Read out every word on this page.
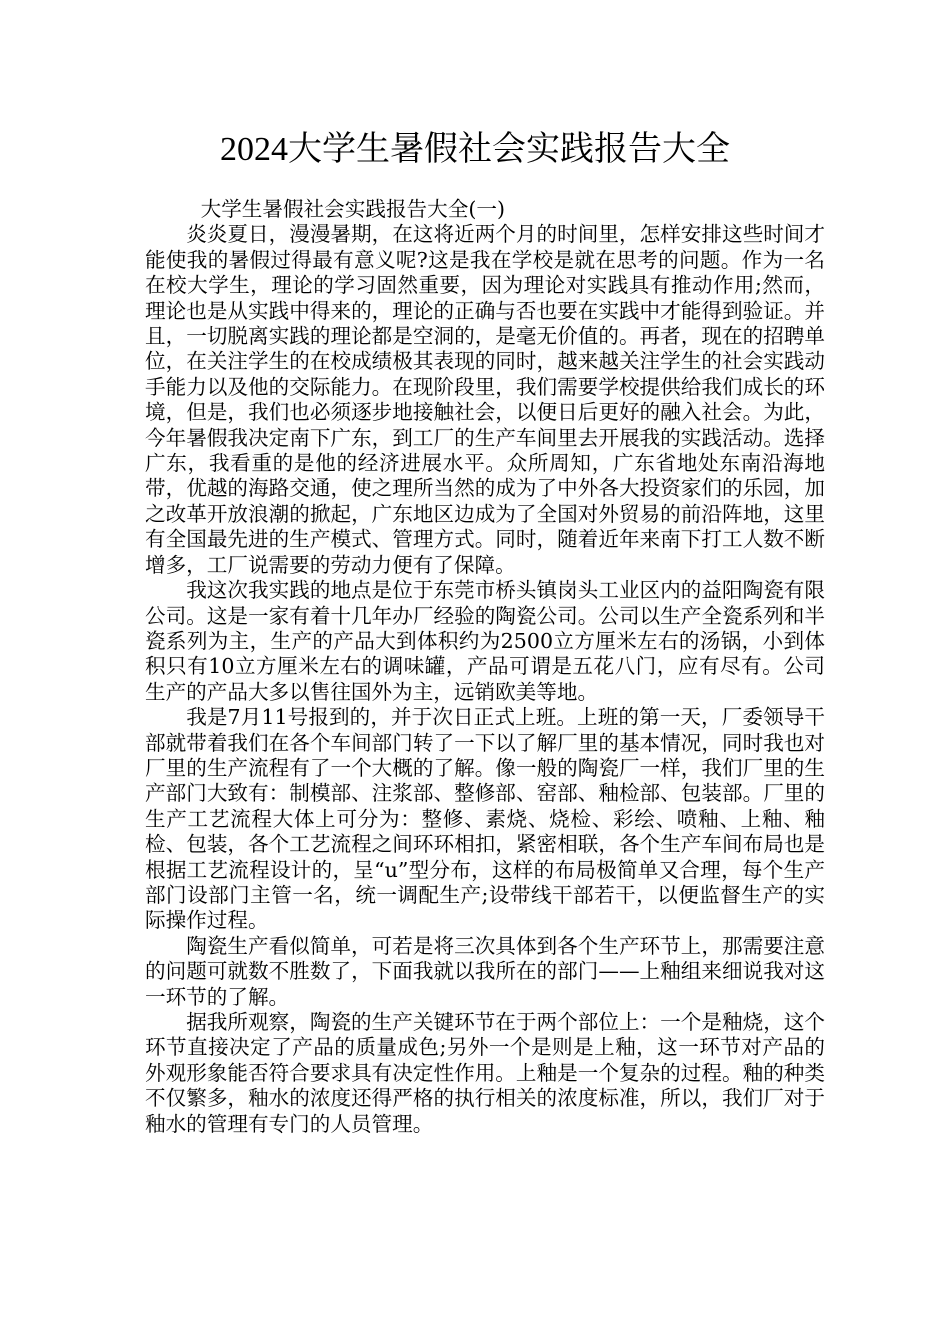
2024大学生暑假社会实践报告大全

大学生暑假社会实践报告大全(一)

炎炎夏日，漫漫暑期，在这将近两个月的时间里，怎样安排这些时间才能使我的暑假过得最有意义呢?这是我在学校是就在思考的问题。作为一名在校大学生，理论的学习固然重要，因为理论对实践具有推动作用;然而，理论也是从实践中得来的，理论的正确与否也要在实践中才能得到验证。并且，一切脱离实践的理论都是空洞的，是毫无价值的。再者，现在的招聘单位，在关注学生的在校成绩极其表现的同时，越来越关注学生的社会实践动手能力以及他的交际能力。在现阶段里，我们需要学校提供给我们成长的环境，但是，我们也必须逐步地接触社会，以便日后更好的融入社会。为此，今年暑假我决定南下广东，到工厂的生产车间里去开展我的实践活动。选择广东，我看重的是他的经济进展水平。众所周知，广东省地处东南沿海地带，优越的海路交通，使之理所当然的成为了中外各大投资家们的乐园，加之改革开放浪潮的掀起，广东地区边成为了全国对外贸易的前沿阵地，这里有全国最先进的生产模式、管理方式。同时，随着近年来南下打工人数不断增多，工厂说需要的劳动力便有了保障。

我这次我实践的地点是位于东莞市桥头镇岗头工业区内的益阳陶瓷有限公司。这是一家有着十几年办厂经验的陶瓷公司。公司以生产全瓷系列和半瓷系列为主，生产的产品大到体积约为2500立方厘米左右的汤锅，小到体积只有10立方厘米左右的调味罐，产品可谓是五花八门，应有尽有。公司生产的产品大多以售往国外为主，远销欧美等地。

我是7月11号报到的，并于次日正式上班。上班的第一天，厂委领导干部就带着我们在各个车间部门转了一下以了解厂里的基本情况，同时我也对厂里的生产流程有了一个大概的了解。像一般的陶瓷厂一样，我们厂里的生产部门大致有：制模部、注浆部、整修部、窑部、釉检部、包装部。厂里的生产工艺流程大体上可分为：整修、素烧、烧检、彩绘、喷釉、上釉、釉检、包装，各个工艺流程之间环环相扣，紧密相联，各个生产车间布局也是根据工艺流程设计的，呈“u”型分布，这样的布局极简单又合理，每个生产部门设部门主管一名，统一调配生产;设带线干部若干，以便监督生产的实际操作过程。

陶瓷生产看似简单，可若是将三次具体到各个生产环节上，那需要注意的问题可就数不胜数了，下面我就以我所在的部门——上釉组来细说我对这一环节的了解。

据我所观察，陶瓷的生产关键环节在于两个部位上：一个是釉烧，这个环节直接决定了产品的质量成色;另外一个是则是上釉，这一环节对产品的外观形象能否符合要求具有决定性作用。上釉是一个复杂的过程。釉的种类不仅繁多，釉水的浓度还得严格的执行相关的浓度标准，所以，我们厂对于釉水的管理有专门的人员管理。
